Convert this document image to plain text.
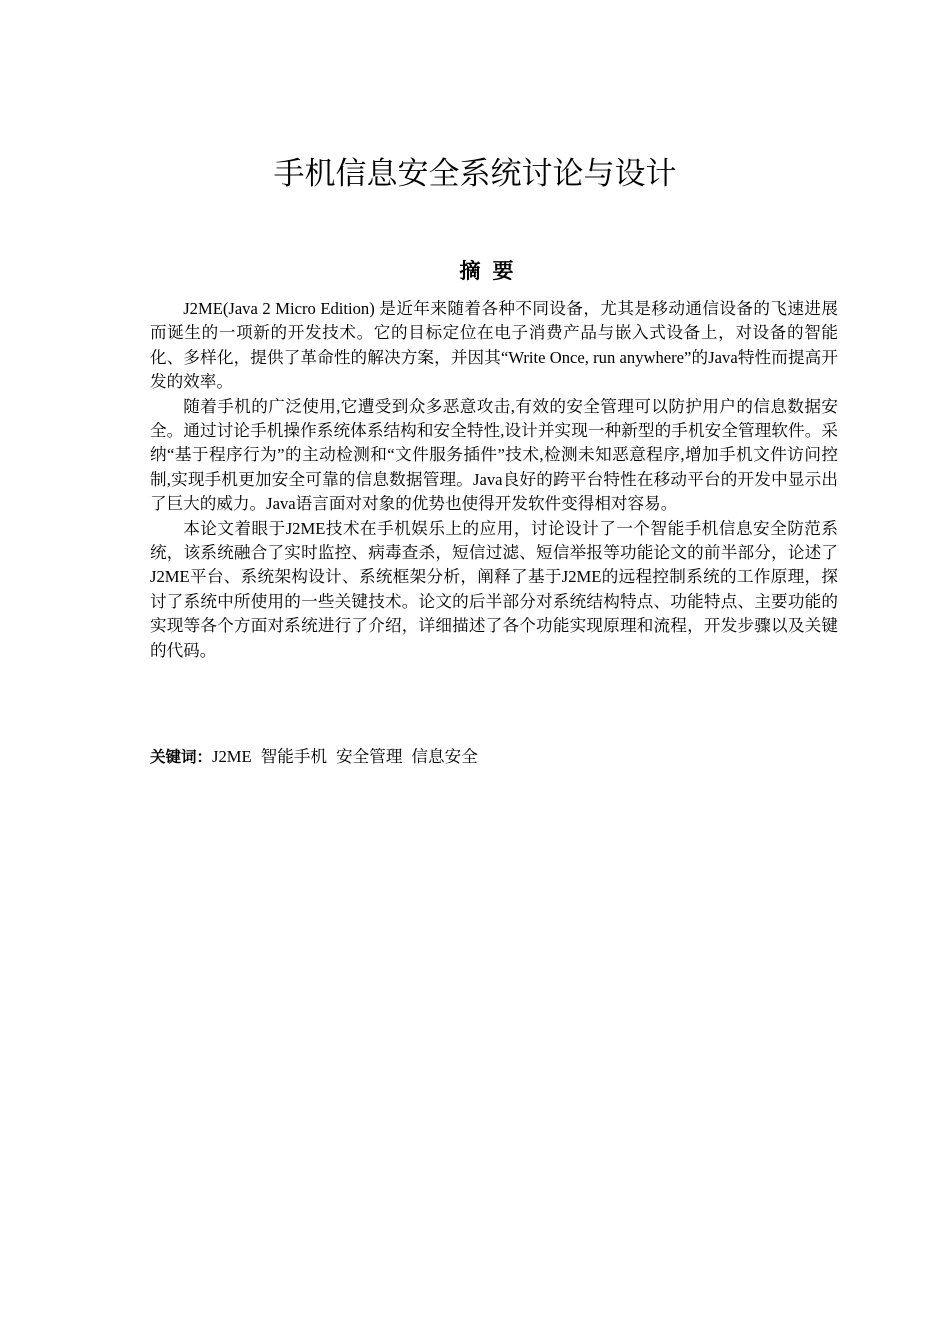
手机信息安全系统讨论与设计
摘要

J2ME(Java 2 Micro Edition) 是近年来随着各种不同设备，尤其是移动通信设备的飞速进展而诞生的一项新的开发技术。它的目标定位在电子消费产品与嵌入式设备上，对设备的智能化、多样化，提供了革命性的解决方案，并因其“Write Once, run anywhere”的Java特性而提高开发的效率。

随着手机的广泛使用,它遭受到众多恶意攻击,有效的安全管理可以防护用户的信息数据安全。通过讨论手机操作系统体系结构和安全特性,设计并实现一种新型的手机安全管理软件。采纳“基于程序行为”的主动检测和“文件服务插件”技术,检测未知恶意程序,增加手机文件访问控制,实现手机更加安全可靠的信息数据管理。Java良好的跨平台特性在移动平台的开发中显示出了巨大的威力。Java语言面对对象的优势也使得开发软件变得相对容易。

本论文着眼于J2ME技术在手机娱乐上的应用，讨论设计了一个智能手机信息安全防范系统，该系统融合了实时监控、病毒查杀，短信过滤、短信举报等功能论文的前半部分，论述了J2ME平台、系统架构设计、系统框架分析，阐释了基于J2ME的远程控制系统的工作原理，探讨了系统中所使用的一些关键技术。论文的后半部分对系统结构特点、功能特点、主要功能的实现等各个方面对系统进行了介绍，详细描述了各个功能实现原理和流程，开发步骤以及关键的代码。

关键词：J2ME 智能手机 安全管理 信息安全
